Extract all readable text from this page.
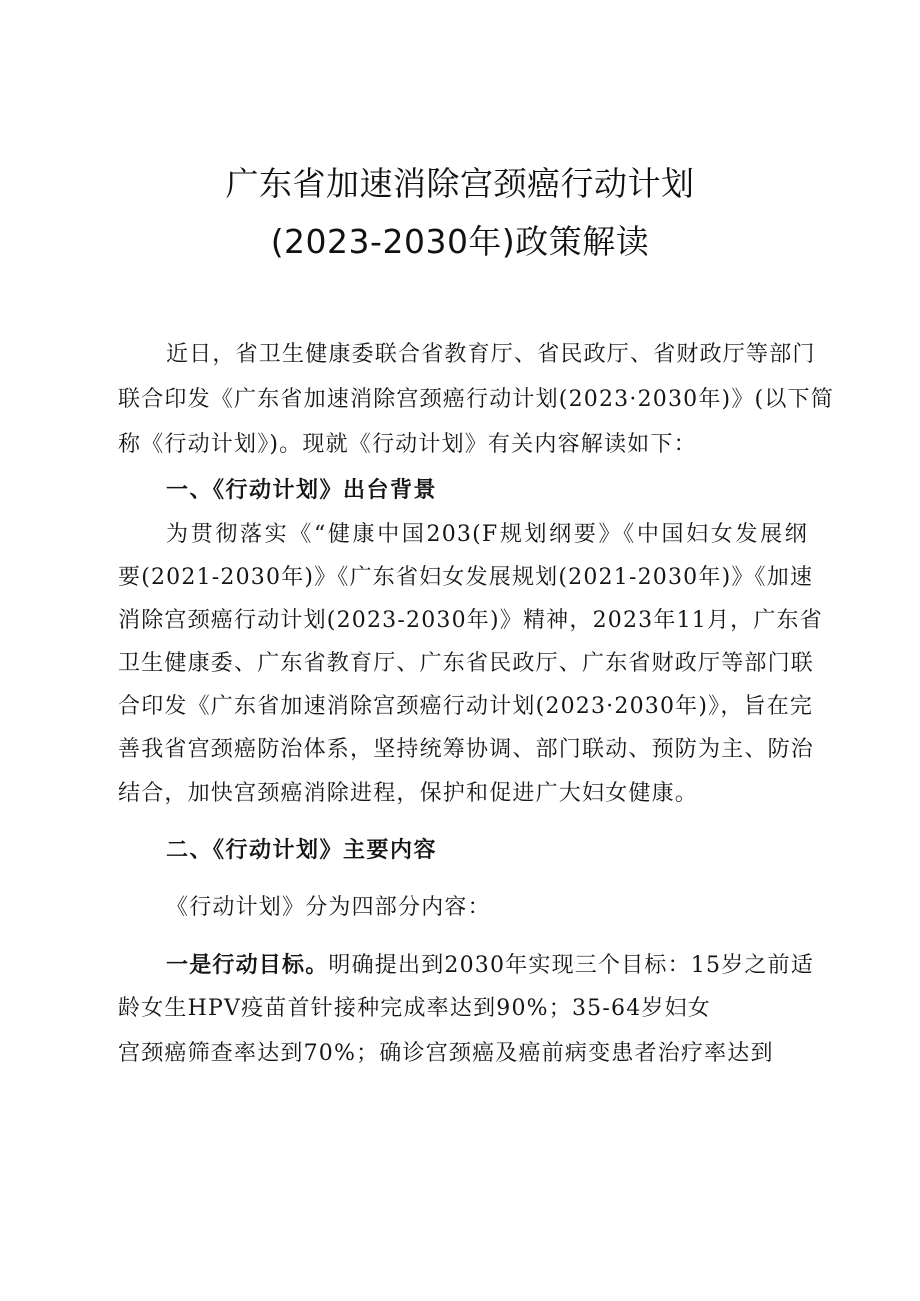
广东省加速消除宫颈癌行动计划
(2023-2030年)政策解读
近日，省卫生健康委联合省教育厅、省民政厅、省财政厅等部门
联合印发《广东省加速消除宫颈癌行动计划(2023·2030年)》(以下简
称《行动计划》)。现就《行动计划》有关内容解读如下：
一、《行动计划》出台背景
为贯彻落实《“健康中国203(F规划纲要》《中国妇女发展纲
要(2021-2030年)》《广东省妇女发展规划(2021-2030年)》《加速
消除宫颈癌行动计划(2023-2030年)》精神，2023年11月，广东省
卫生健康委、广东省教育厅、广东省民政厅、广东省财政厅等部门联
合印发《广东省加速消除宫颈癌行动计划(2023·2030年)》，旨在完
善我省宫颈癌防治体系，坚持统筹协调、部门联动、预防为主、防治
结合，加快宫颈癌消除进程，保护和促进广大妇女健康。
二、《行动计划》主要内容
《行动计划》分为四部分内容：
一是行动目标。明确提出到2030年实现三个目标：15岁之前适
龄女生HPV疫苗首针接种完成率达到90%；35-64岁妇女
宫颈癌筛查率达到70%；确诊宫颈癌及癌前病变患者治疗率达到
